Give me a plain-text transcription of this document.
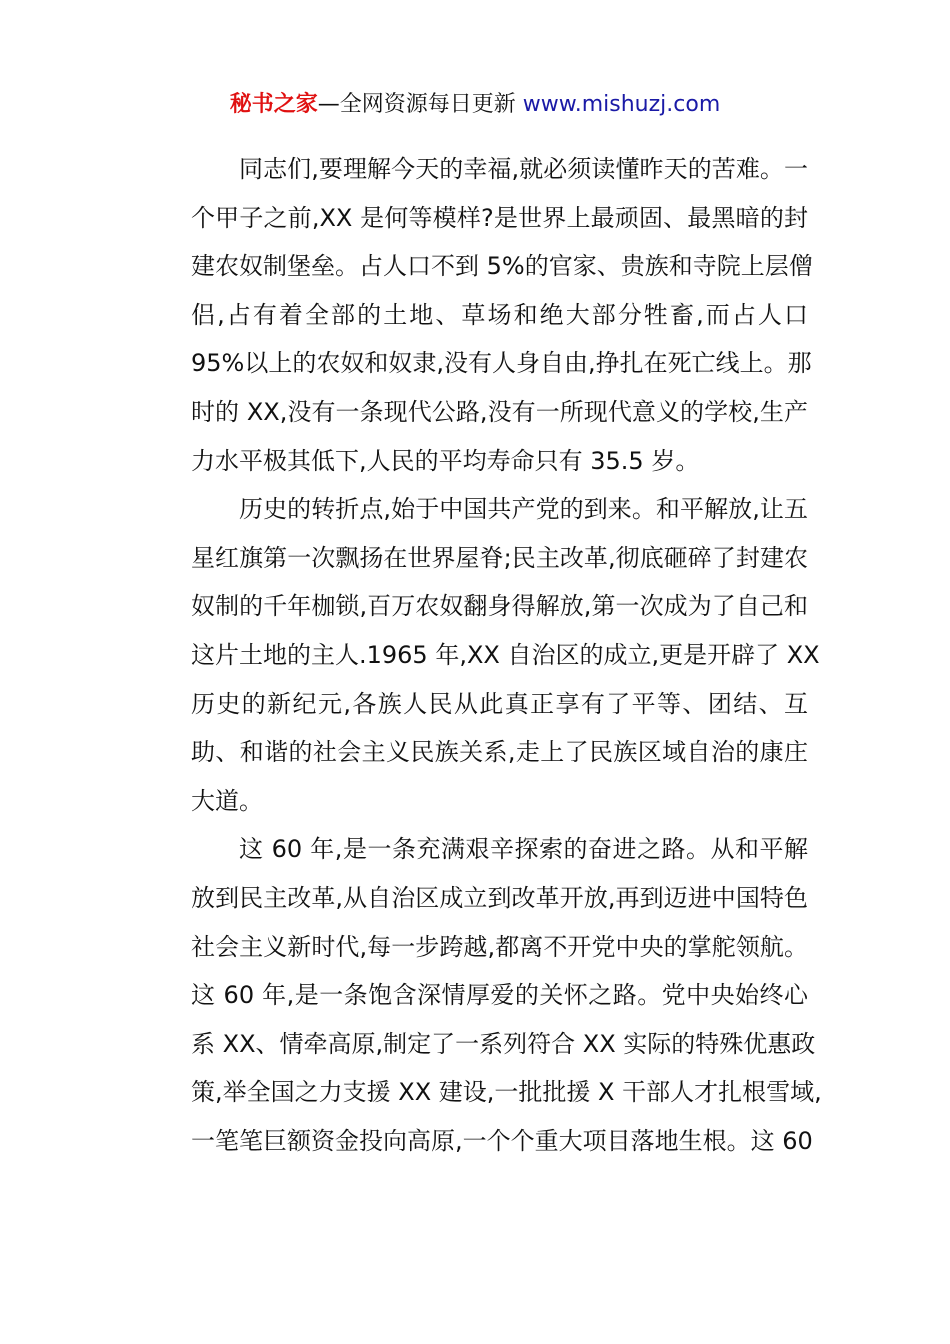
秘书之家—全网资源每日更新 www.mishuzj.com
同志们,要理解今天的幸福,就必须读懂昨天的苦难。一
个甲子之前,XX 是何等模样?是世界上最顽固、最黑暗的封
建农奴制堡垒。占人口不到 5%的官家、贵族和寺院上层僧
侣,占有着全部的土地、草场和绝大部分牲畜,而占人口
95%以上的农奴和奴隶,没有人身自由,挣扎在死亡线上。那
时的 XX,没有一条现代公路,没有一所现代意义的学校,生产
力水平极其低下,人民的平均寿命只有 35.5 岁。
历史的转折点,始于中国共产党的到来。和平解放,让五
星红旗第一次飘扬在世界屋脊;民主改革,彻底砸碎了封建农
奴制的千年枷锁,百万农奴翻身得解放,第一次成为了自己和
这片土地的主人.1965 年,XX 自治区的成立,更是开辟了 XX
历史的新纪元,各族人民从此真正享有了平等、团结、互
助、和谐的社会主义民族关系,走上了民族区域自治的康庄
大道。
这 60 年,是一条充满艰辛探索的奋进之路。从和平解
放到民主改革,从自治区成立到改革开放,再到迈进中国特色
社会主义新时代,每一步跨越,都离不开党中央的掌舵领航。
这 60 年,是一条饱含深情厚爱的关怀之路。党中央始终心
系 XX、情牵高原,制定了一系列符合 XX 实际的特殊优惠政
策,举全国之力支援 XX 建设,一批批援 X 干部人才扎根雪域,
一笔笔巨额资金投向高原,一个个重大项目落地生根。这 60
